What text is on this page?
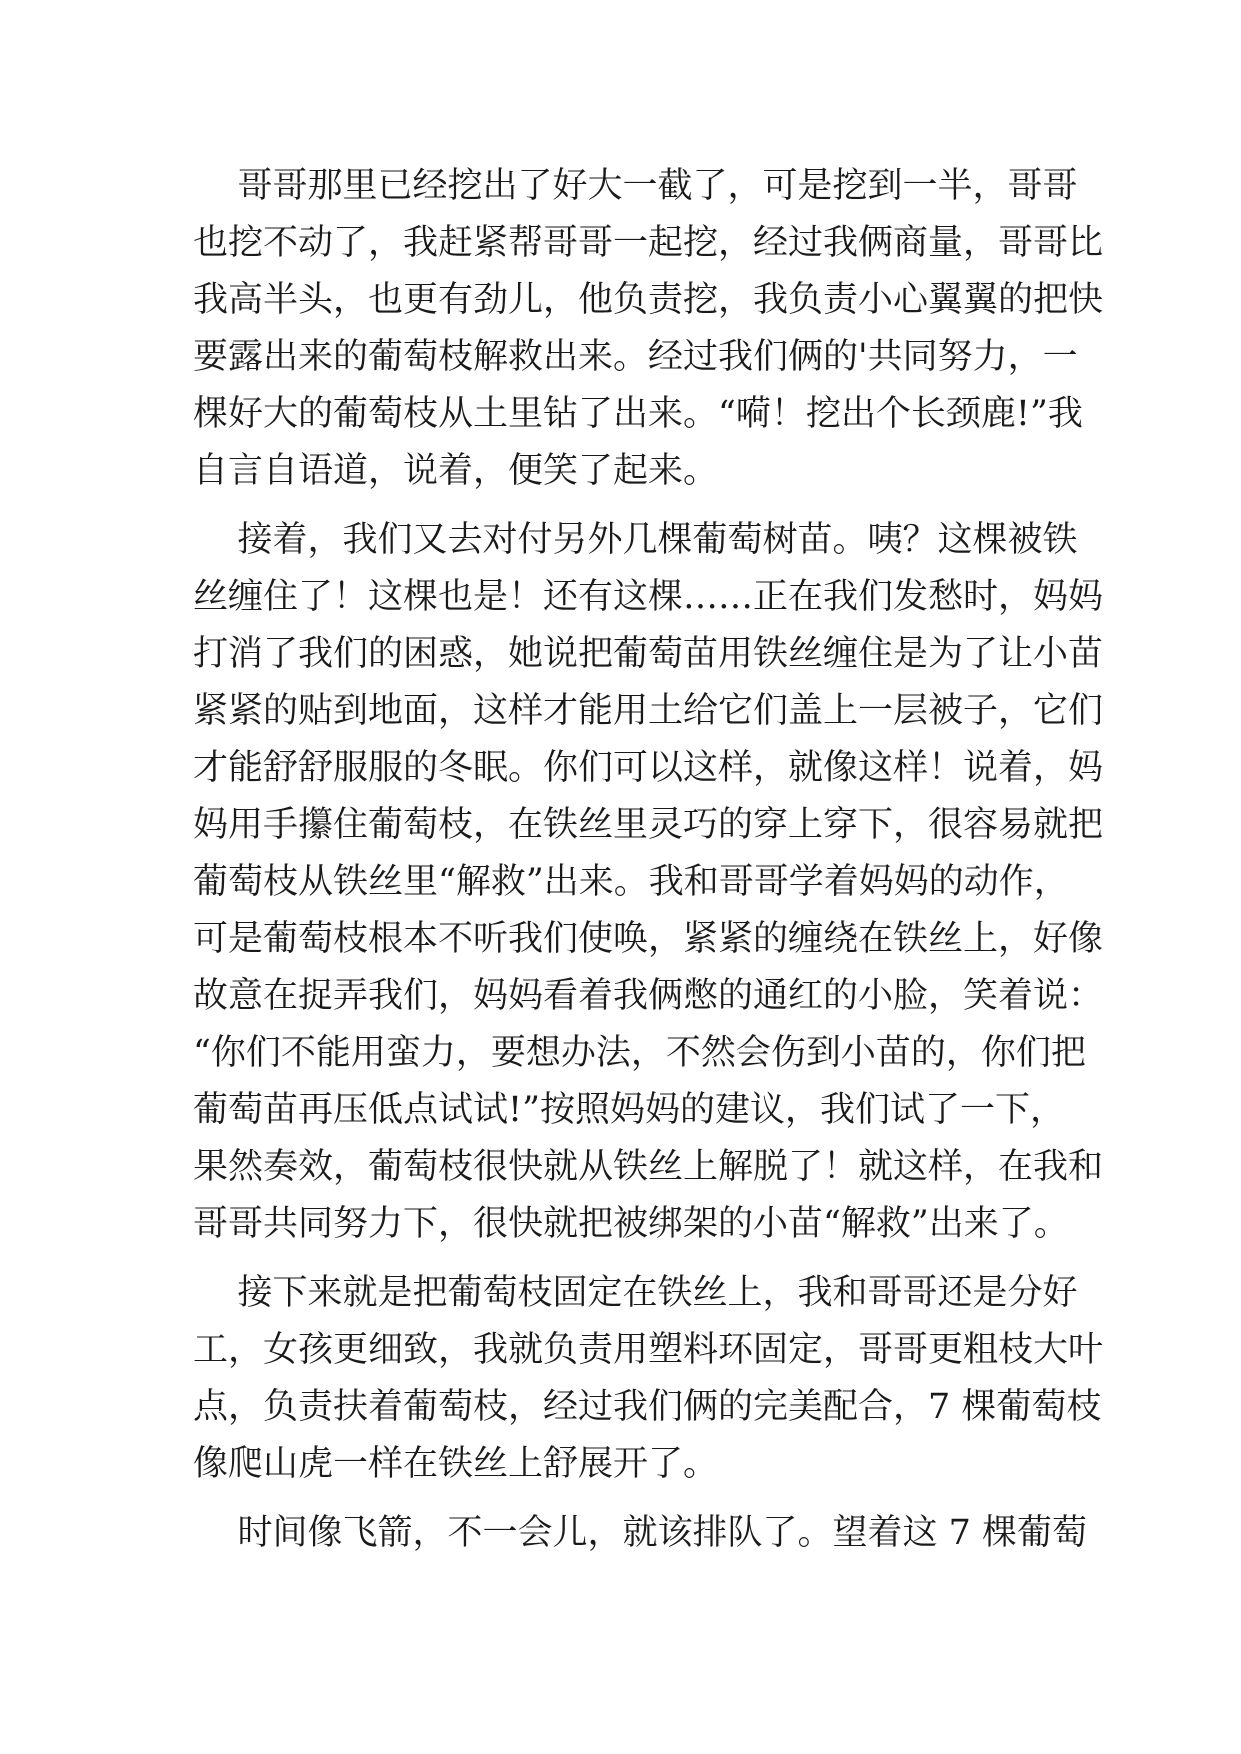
哥哥那里已经挖出了好大一截了，可是挖到一半，哥哥
也挖不动了，我赶紧帮哥哥一起挖，经过我俩商量，哥哥比
我高半头，也更有劲儿，他负责挖，我负责小心翼翼的把快
要露出来的葡萄枝解救出来。经过我们俩的'共同努力，一
棵好大的葡萄枝从土里钻了出来。“嗬！挖出个长颈鹿!”我
自言自语道，说着，便笑了起来。
接着，我们又去对付另外几棵葡萄树苗。咦？这棵被铁
丝缠住了！这棵也是！还有这棵……正在我们发愁时，妈妈
打消了我们的困惑，她说把葡萄苗用铁丝缠住是为了让小苗
紧紧的贴到地面，这样才能用土给它们盖上一层被子，它们
才能舒舒服服的冬眠。你们可以这样，就像这样！说着，妈
妈用手攥住葡萄枝，在铁丝里灵巧的穿上穿下，很容易就把
葡萄枝从铁丝里“解救”出来。我和哥哥学着妈妈的动作，
可是葡萄枝根本不听我们使唤，紧紧的缠绕在铁丝上，好像
故意在捉弄我们，妈妈看着我俩憋的通红的小脸，笑着说：
“你们不能用蛮力，要想办法，不然会伤到小苗的，你们把
葡萄苗再压低点试试!”按照妈妈的建议，我们试了一下，
果然奏效，葡萄枝很快就从铁丝上解脱了！就这样，在我和
哥哥共同努力下，很快就把被绑架的小苗“解救”出来了。
接下来就是把葡萄枝固定在铁丝上，我和哥哥还是分好
工，女孩更细致，我就负责用塑料环固定，哥哥更粗枝大叶
点，负责扶着葡萄枝，经过我们俩的完美配合，7 棵葡萄枝
像爬山虎一样在铁丝上舒展开了。
时间像飞箭，不一会儿，就该排队了。望着这 7 棵葡萄
